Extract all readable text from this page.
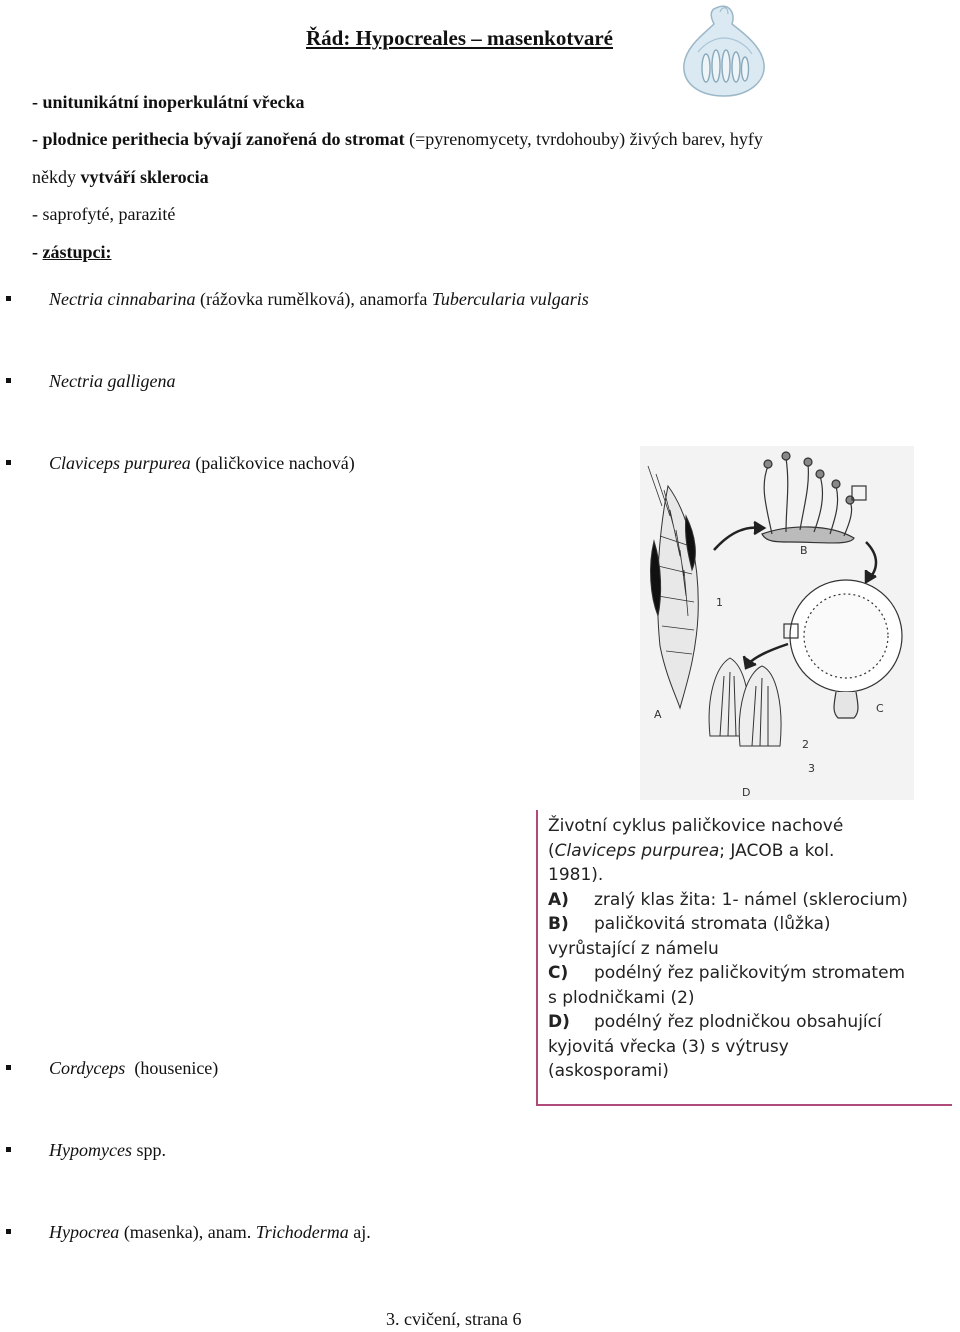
Řád: Hypocreales – masenkotvaré
- unitunikátní inoperkulátní vřecka
- plodnice perithecia bývají zanořená do stromat (=pyrenomycety, tvrdohouby) živých barev, hyfy
někdy vytváří sklerocia
- saprofyté, parazité
- zástupci:
Nectria cinnabarina (rážovka rumělková), anamorfa Tubercularia vulgaris
Nectria galligena
Claviceps purpurea (paličkovice nachová)
Cordyceps  (housenice)
Hypomyces spp.
Hypocrea (masenka), anam. Trichoderma aj.
A
B
C
D
1
2
3
Životní cyklus paličkovice nachové
(Claviceps purpurea; JACOB a kol.
1981).
A) zralý klas žita: 1- námel (sklerocium)
B) paličkovitá stromata (lůžka)
vyrůstající z námelu
C) podélný řez paličkovitým stromatem
s plodničkami (2)
D) podélný řez plodničkou obsahující
kyjovitá vřecka (3) s výtrusy
(askosporami)
3. cvičení, strana 6
